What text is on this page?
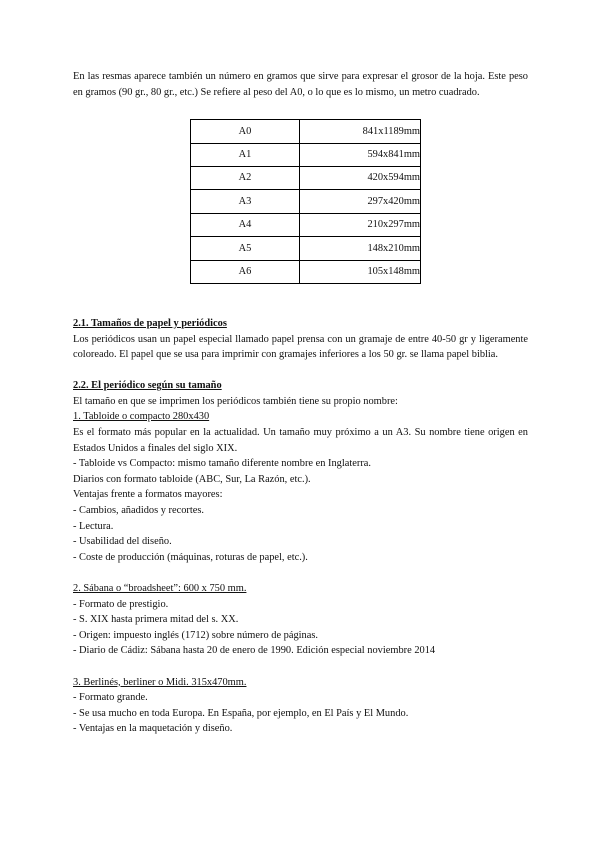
En las resmas aparece también un número en gramos que sirve para expresar el grosor de la hoja. Este peso en gramos (90 gr., 80 gr., etc.) Se refiere al peso del A0, o lo que es lo mismo, un metro cuadrado.

A0	841x1189mm
A1	594x841mm
A2	420x594mm
A3	297x420mm
A4	210x297mm
A5	148x210mm
A6	105x148mm

2.1. Tamaños de papel y periódicos

Los periódicos usan un papel especial llamado papel prensa con un gramaje de entre 40-50 gr y ligeramente coloreado. El papel que se usa para imprimir con gramajes inferiores a los 50 gr. se llama papel biblia.

2.2. El periódico según su tamaño

El tamaño en que se imprimen los periódicos también tiene su propio nombre:

1. Tabloide o compacto 280x430

Es el formato más popular en la actualidad. Un tamaño muy próximo a un A3. Su nombre tiene origen en Estados Unidos a finales del siglo XIX.

- Tabloide vs Compacto: mismo tamaño diferente nombre en Inglaterra.

Diarios con formato tabloide (ABC, Sur, La Razón, etc.).

Ventajas frente a formatos mayores:

- Cambios, añadidos y recortes.

- Lectura.

- Usabilidad del diseño.

- Coste de producción (máquinas, roturas de papel, etc.).

2. Sábana o “broadsheet”: 600 x 750 mm.

- Formato de prestigio.

- S. XIX hasta primera mitad del s. XX.

- Origen: impuesto inglés (1712) sobre número de páginas.

- Diario de Cádiz: Sábana hasta 20 de enero de 1990. Edición especial noviembre 2014

3. Berlinés, berliner o Midi. 315x470mm.

- Formato grande.

- Se usa mucho en toda Europa. En España, por ejemplo, en El País y El Mundo.

- Ventajas en la maquetación y diseño.
